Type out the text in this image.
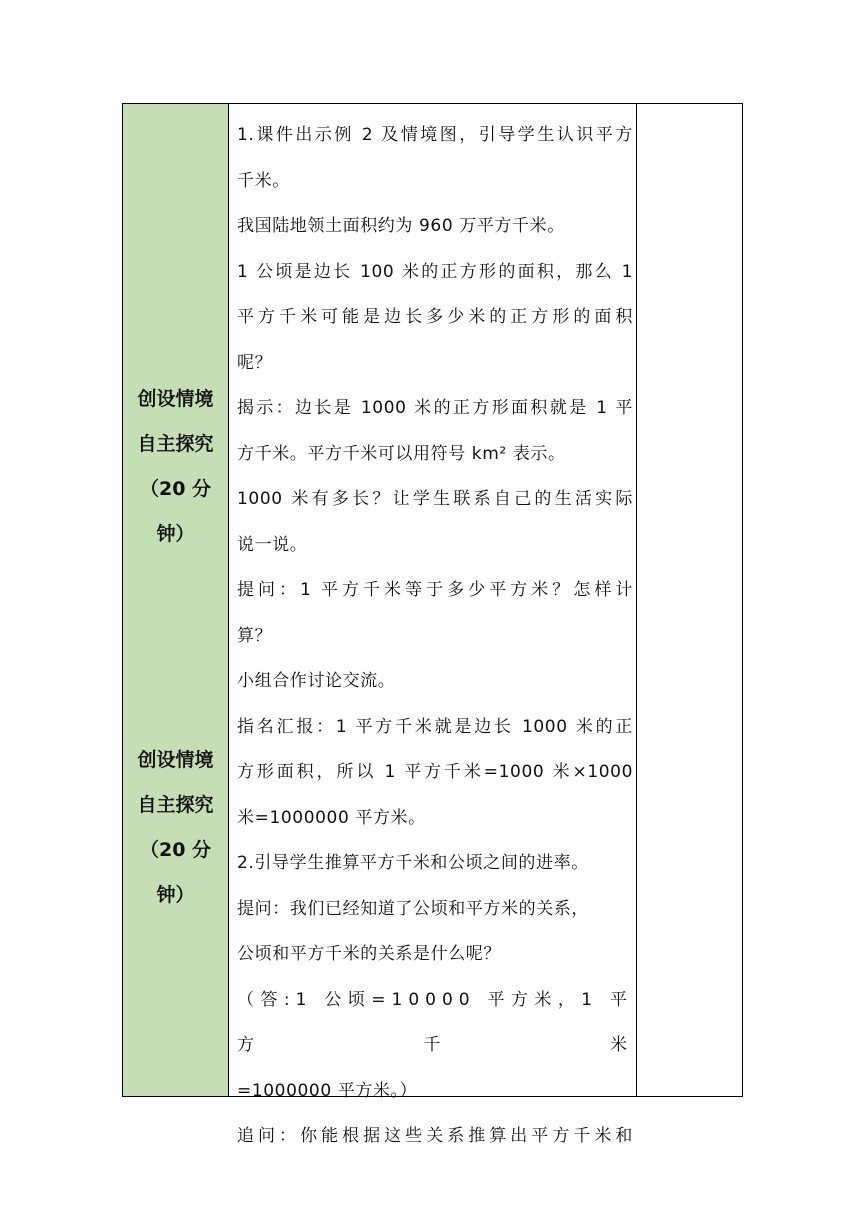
创设情境
自主探究
（20 分
钟）
创设情境
自主探究
（20 分
钟）

1.课件出示例 2 及情境图，引导学生认识平方

千米。

我国陆地领土面积约为 960 万平方千米。

1 公顷是边长 100 米的正方形的面积，那么 1

平方千米可能是边长多少米的正方形的面积

呢？

揭示：边长是 1000 米的正方形面积就是 1 平

方千米。平方千米可以用符号 km² 表示。

1000 米有多长？让学生联系自己的生活实际

说一说。

提问：1 平方千米等于多少平方米？怎样计

算？

小组合作讨论交流。

指名汇报：1 平方千米就是边长 1000 米的正

方形面积，所以 1 平方千米=1000 米×1000

米=1000000 平方米。

2.引导学生推算平方千米和公顷之间的进率。

提问：我们已经知道了公顷和平方米的关系，

公顷和平方千米的关系是什么呢？

（答:1 公顷=10000 平方米，1 平方千米

=1000000 平方米。）

追问：你能根据这些关系推算出平方千米和
